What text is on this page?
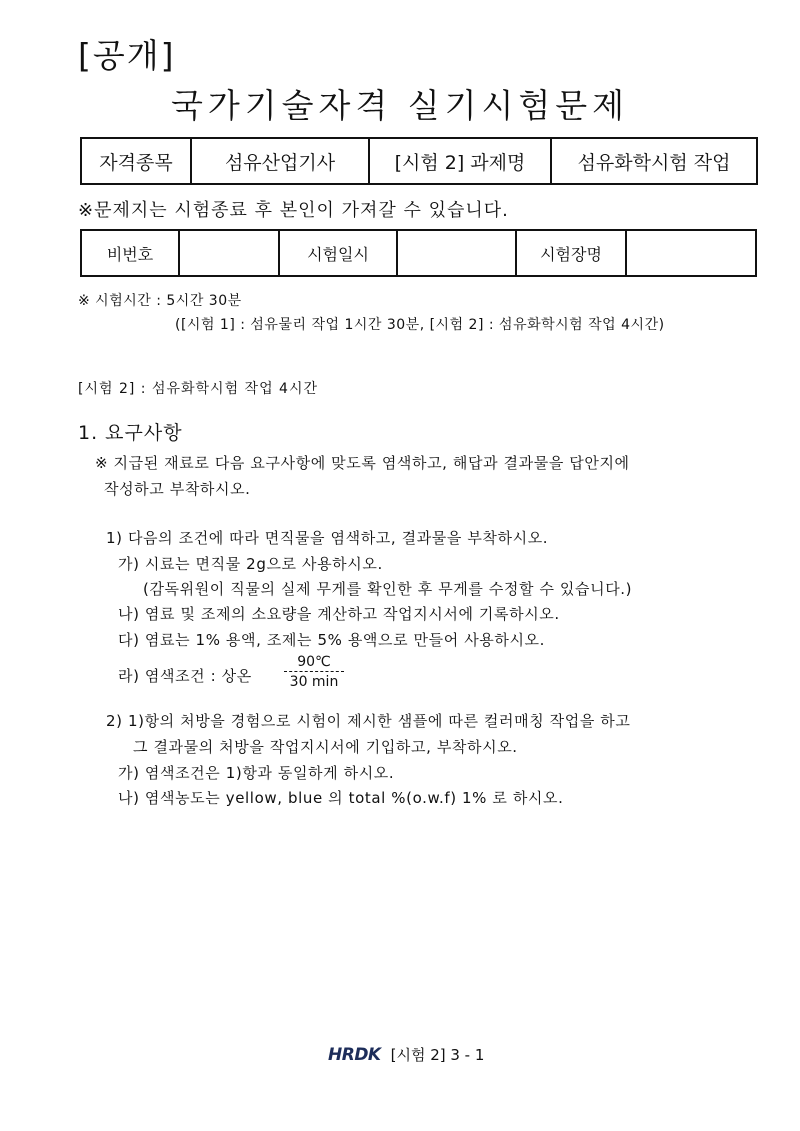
[공개]
국가기술자격 실기시험문제
자격종목	섬유산업기사	[시험 2] 과제명	섬유화학시험 작업
※문제지는 시험종료 후 본인이 가져갈 수 있습니다.
비번호		시험일시		시험장명	
※ 시험시간 : 5시간 30분
([시험 1] : 섬유물리 작업 1시간 30분, [시험 2] : 섬유화학시험 작업 4시간)
[시험 2] : 섬유화학시험 작업 4시간
1. 요구사항
※ 지급된 재료로 다음 요구사항에 맞도록 염색하고, 해답과 결과물을 답안지에
작성하고 부착하시오.
1) 다음의 조건에 따라 면직물을 염색하고, 결과물을 부착하시오.
가) 시료는 면직물 2g으로 사용하시오.
(감독위원이 직물의 실제 무게를 확인한 후 무게를 수정할 수 있습니다.)
나) 염료 및 조제의 소요량을 계산하고 작업지시서에 기록하시오.
다) 염료는 1% 용액, 조제는 5% 용액으로 만들어 사용하시오.
라) 염색조건 : 상온
90℃
30 min
2) 1)항의 처방을 경험으로 시험이 제시한 샘플에 따른 컬러매칭 작업을 하고
그 결과물의 처방을 작업지시서에 기입하고, 부착하시오.
가) 염색조건은 1)항과 동일하게 하시오.
나) 염색농도는 yellow, blue 의 total %(o.w.f) 1% 로 하시오.
HRDK [시험 2] 3 - 1
